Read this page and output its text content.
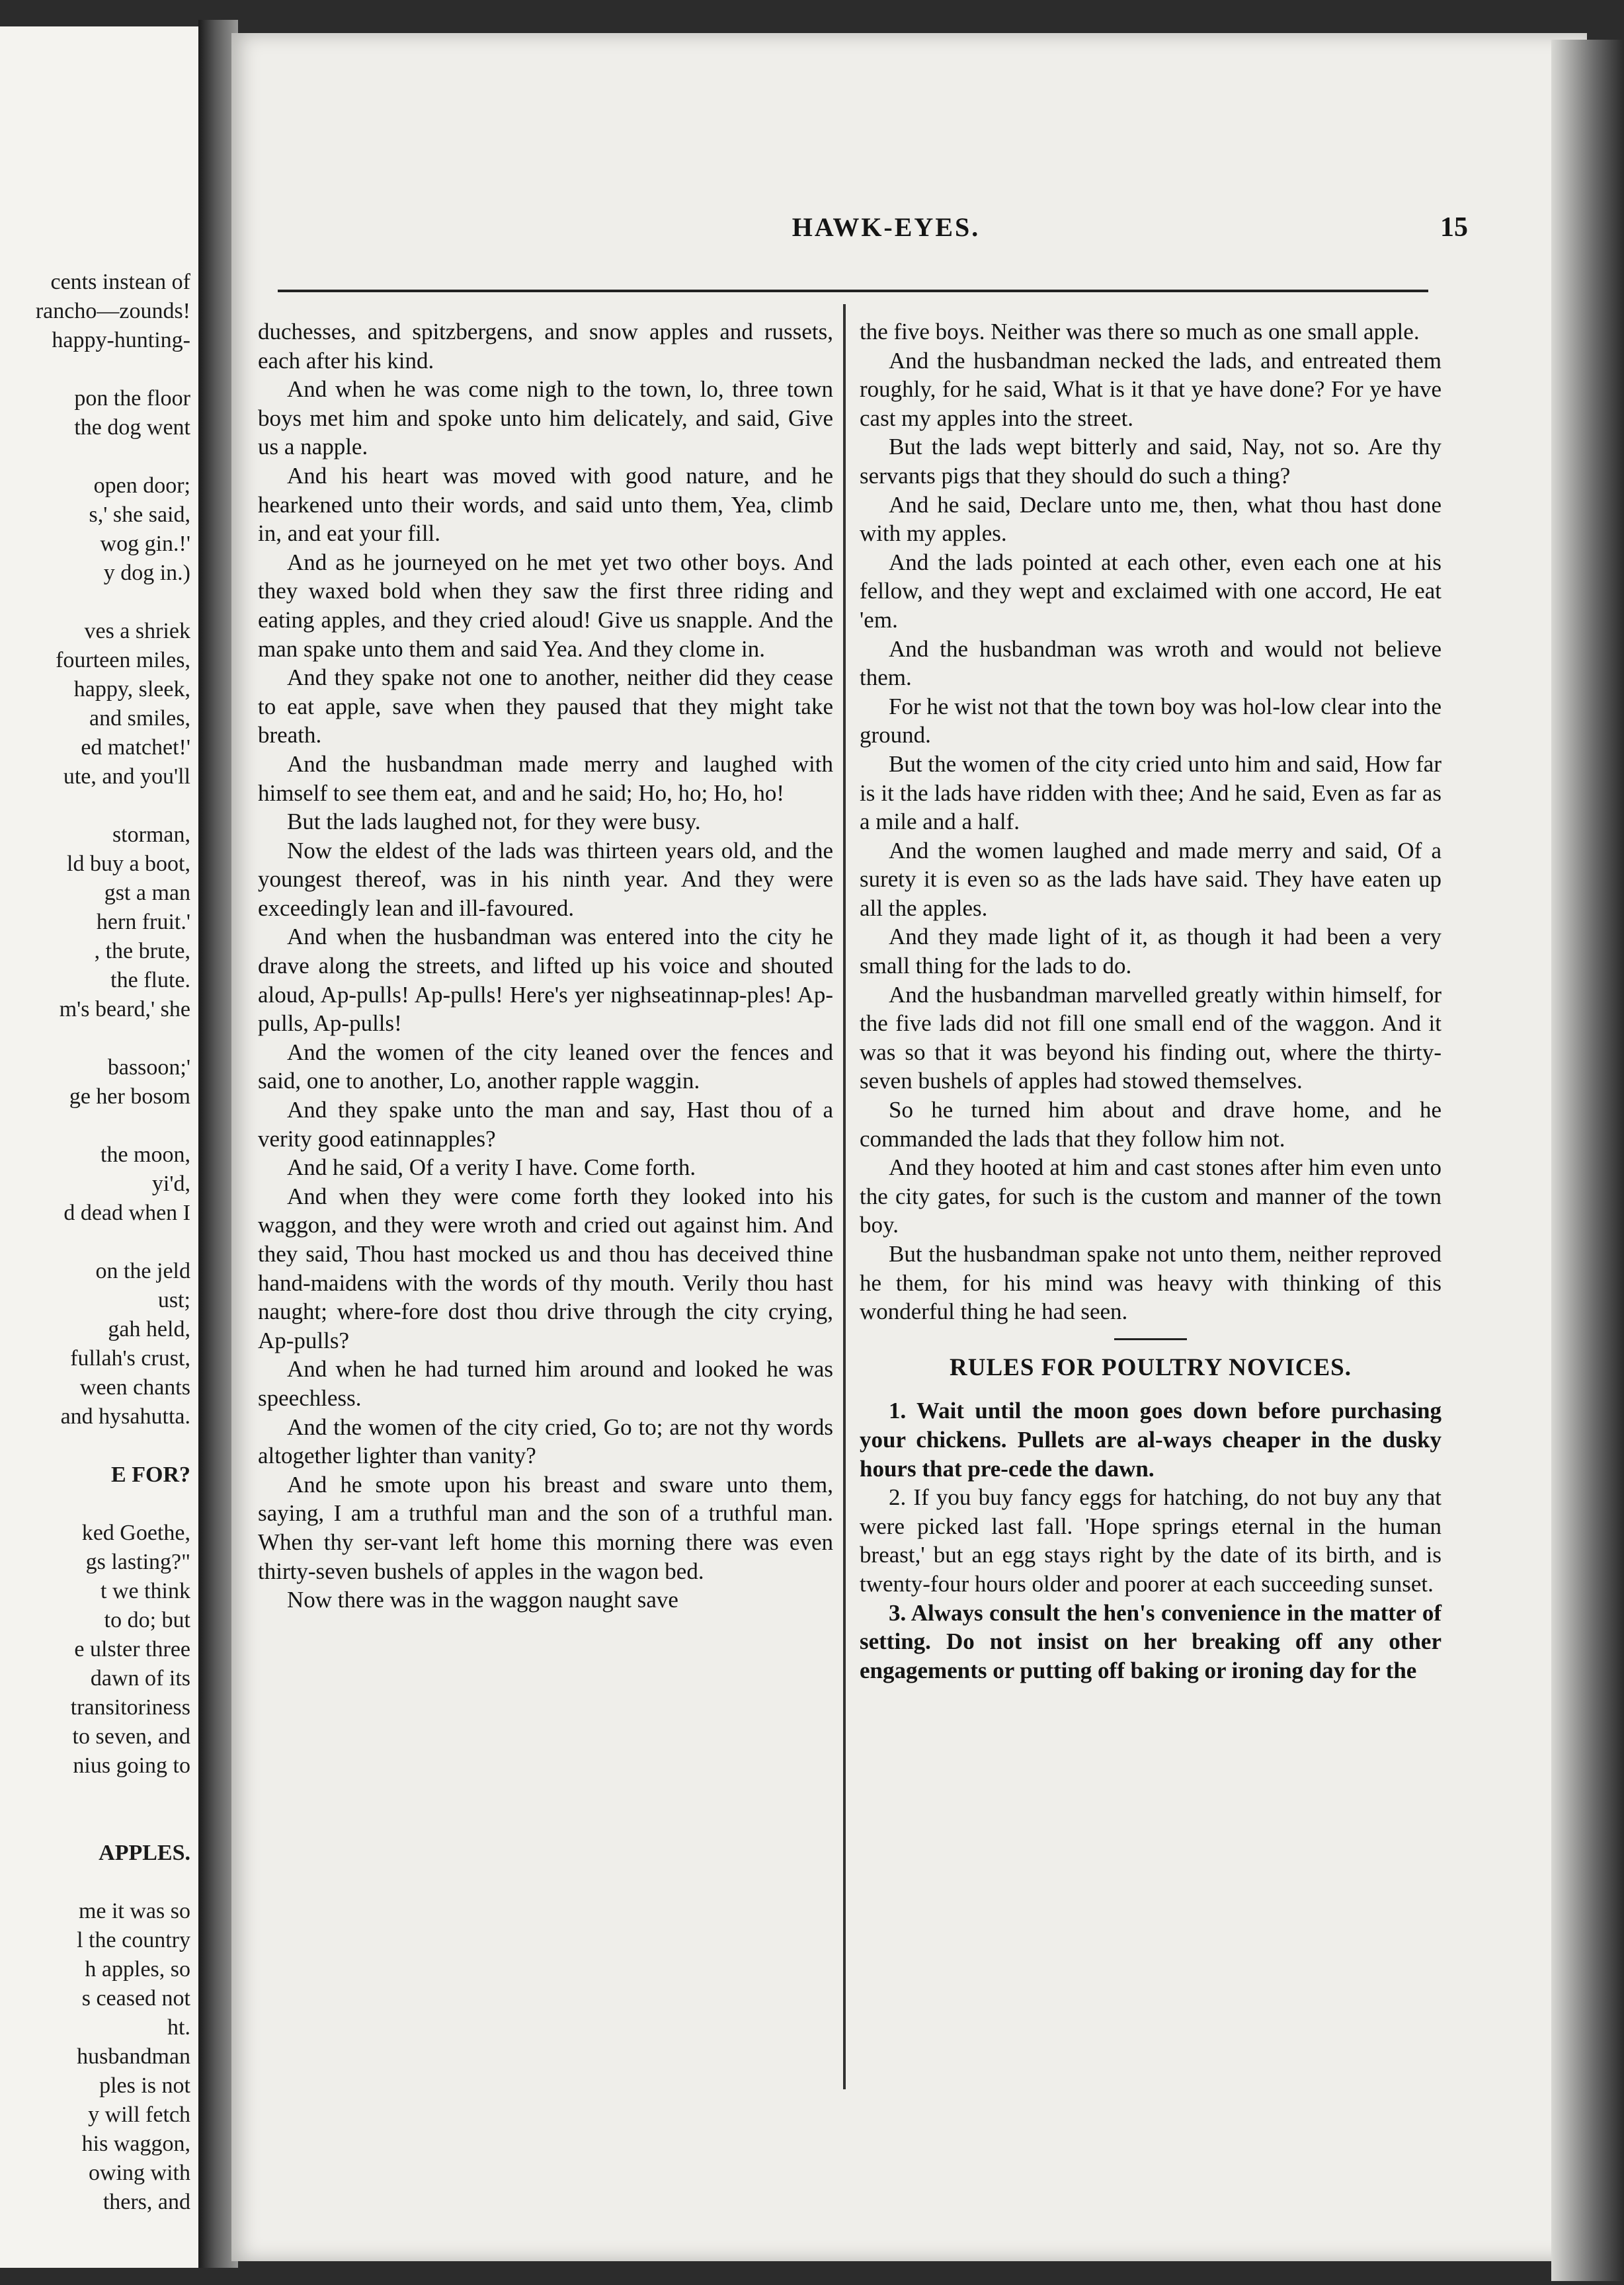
cents instean of
rancho—zounds!
happy-hunting-
pon the floor
the dog went
open door;
s,' she said,
wog gin.!'
y dog in.)
ves a shriek
fourteen miles,
happy, sleek,
and smiles,
ed matchet!'
ute, and you'll
storman,
ld buy a boot,
gst a man
hern fruit.'
, the brute,
the flute.
m's beard,' she
bassoon;'
ge her bosom
the moon,
yi'd,
d dead when I
on the jeld
ust;
gah held,
fullah's crust,
ween chants
and hysahutta.
E FOR?
ked Goethe,
gs lasting?"
t we think
to do; but
e ulster three
dawn of its
transitoriness
to seven, and
nius going to
APPLES.
me it was so
l the country
h apples, so
s ceased not
ht.
husbandman
ples is not
y will fetch
his waggon,
owing with
thers, and
HAWK-EYES.	15

duchesses, and spitzbergens, and snow apples and russets, each after his kind.

And when he was come nigh to the town, lo, three town boys met him and spoke unto him delicately, and said, Give us a napple.

And his heart was moved with good nature, and he hearkened unto their words, and said unto them, Yea, climb in, and eat your fill.

And as he journeyed on he met yet two other boys. And they waxed bold when they saw the first three riding and eating apples, and they cried aloud! Give us snapple. And the man spake unto them and said Yea. And they clome in.

And they spake not one to another, neither did they cease to eat apple, save when they paused that they might take breath.

And the husbandman made merry and laughed with himself to see them eat, and and he said; Ho, ho; Ho, ho!

But the lads laughed not, for they were busy.

Now the eldest of the lads was thirteen years old, and the youngest thereof, was in his ninth year. And they were exceedingly lean and ill-favoured.

And when the husbandman was entered into the city he drave along the streets, and lifted up his voice and shouted aloud, Ap-pulls! Ap-pulls! Here's yer nighseatinnap-ples! Ap-pulls, Ap-pulls!

And the women of the city leaned over the fences and said, one to another, Lo, another rapple waggin.

And they spake unto the man and say, Hast thou of a verity good eatinnapples?

And he said, Of a verity I have. Come forth.

And when they were come forth they looked into his waggon, and they were wroth and cried out against him. And they said, Thou hast mocked us and thou has deceived thine hand-maidens with the words of thy mouth. Verily thou hast naught; where-fore dost thou drive through the city crying, Ap-pulls?

And when he had turned him around and looked he was speechless.

And the women of the city cried, Go to; are not thy words altogether lighter than vanity?

And he smote upon his breast and sware unto them, saying, I am a truthful man and the son of a truthful man. When thy ser-vant left home this morning there was even thirty-seven bushels of apples in the wagon bed.

Now there was in the waggon naught save

the five boys. Neither was there so much as one small apple.

And the husbandman necked the lads, and entreated them roughly, for he said, What is it that ye have done? For ye have cast my apples into the street.

But the lads wept bitterly and said, Nay, not so. Are thy servants pigs that they should do such a thing?

And he said, Declare unto me, then, what thou hast done with my apples.

And the lads pointed at each other, even each one at his fellow, and they wept and exclaimed with one accord, He eat 'em.

And the husbandman was wroth and would not believe them.

For he wist not that the town boy was hol-low clear into the ground.

But the women of the city cried unto him and said, How far is it the lads have ridden with thee; And he said, Even as far as a mile and a half.

And the women laughed and made merry and said, Of a surety it is even so as the lads have said. They have eaten up all the apples.

And they made light of it, as though it had been a very small thing for the lads to do.

And the husbandman marvelled greatly within himself, for the five lads did not fill one small end of the waggon. And it was so that it was beyond his finding out, where the thirty-seven bushels of apples had stowed themselves.

So he turned him about and drave home, and he commanded the lads that they follow him not.

And they hooted at him and cast stones after him even unto the city gates, for such is the custom and manner of the town boy.

But the husbandman spake not unto them, neither reproved he them, for his mind was heavy with thinking of this wonderful thing he had seen.

RULES FOR POULTRY NOVICES.

1. Wait until the moon goes down before purchasing your chickens. Pullets are al-ways cheaper in the dusky hours that pre-cede the dawn.

2. If you buy fancy eggs for hatching, do not buy any that were picked last fall. 'Hope springs eternal in the human breast,' but an egg stays right by the date of its birth, and is twenty-four hours older and poorer at each succeeding sunset.

3. Always consult the hen's convenience in the matter of setting. Do not insist on her breaking off any other engagements or putting off baking or ironing day for the
